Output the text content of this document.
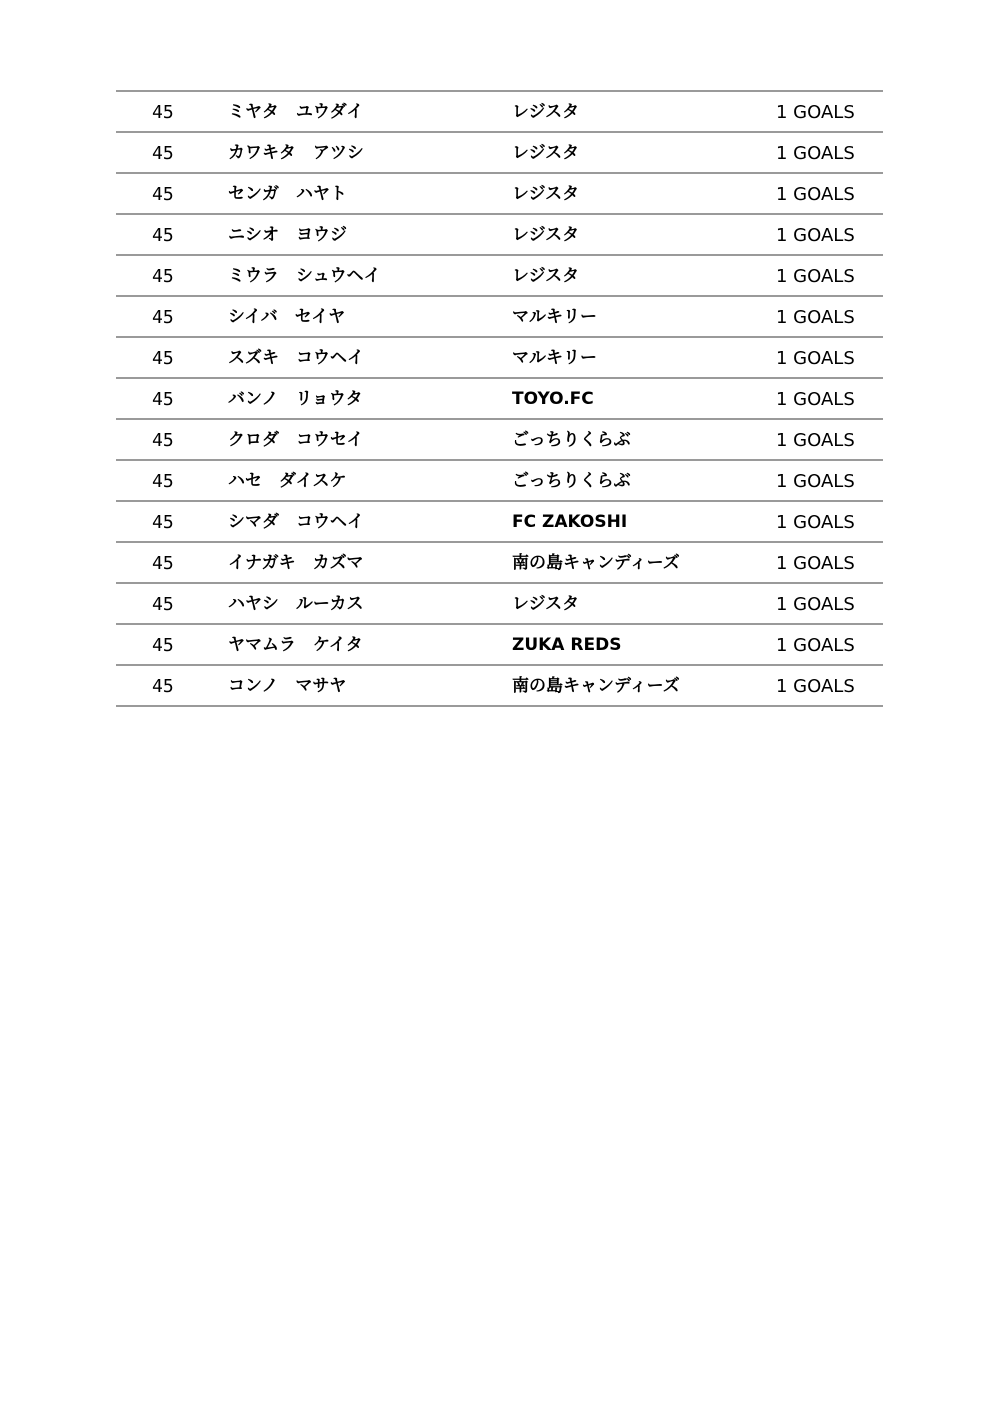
45	ミヤタ　ユウダイ	レジスタ	1 GOALS
45	カワキタ　アツシ	レジスタ	1 GOALS
45	センガ　ハヤト	レジスタ	1 GOALS
45	ニシオ　ヨウジ	レジスタ	1 GOALS
45	ミウラ　シュウヘイ	レジスタ	1 GOALS
45	シイバ　セイヤ	マルキリー	1 GOALS
45	スズキ　コウヘイ	マルキリー	1 GOALS
45	バンノ　リョウタ	TOYO.FC	1 GOALS
45	クロダ　コウセイ	ごっちりくらぶ	1 GOALS
45	ハセ　ダイスケ	ごっちりくらぶ	1 GOALS
45	シマダ　コウヘイ	FC ZAKOSHI	1 GOALS
45	イナガキ　カズマ	南の島キャンディーズ	1 GOALS
45	ハヤシ　ルーカス	レジスタ	1 GOALS
45	ヤマムラ　ケイタ	ZUKA REDS	1 GOALS
45	コンノ　マサヤ	南の島キャンディーズ	1 GOALS
